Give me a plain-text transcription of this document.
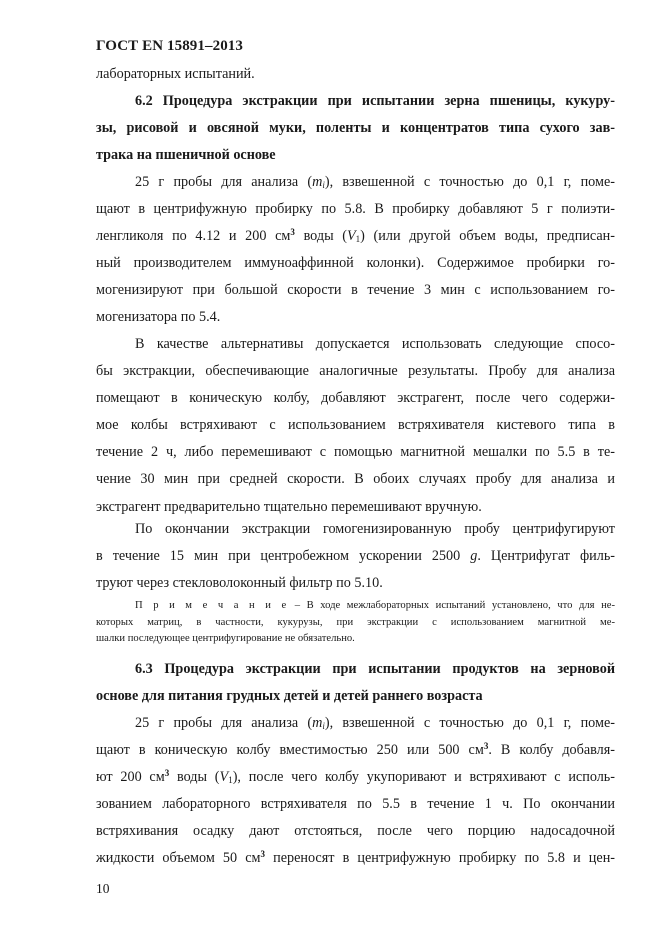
ГОСТ EN 15891–2013

лабораторных испытаний.

6.2 Процедура экстракции при испытании зерна пшеницы, кукуру-
зы, рисовой и овсяной муки, поленты и концентратов типа сухого зав-
трака на пшеничной основе

25 г пробы для анализа $(m_i)$, взвешенной с точностью до 0,1 г, поме-

щают в центрифужную пробирку по 5.8. В пробирку добавляют 5 г полиэти-

ленгликоля по 4.12 и 200 $см^3$ воды $(V_1)$ (или другой объем воды, предписан-

ный производителем иммуноаффинной колонки). Содержимое пробирки го-

могенизируют при большой скорости в течение 3 мин с использованием го-

могенизатора по 5.4.

В качестве альтернативы допускается использовать следующие спосо-

бы экстракции, обеспечивающие аналогичные результаты. Пробу для анализа

помещают в коническую колбу, добавляют экстрагент, после чего содержи-

мое колбы встряхивают с использованием встряхивателя кистевого типа в

течение 2 ч, либо перемешивают с помощью магнитной мешалки по 5.5 в те-

чение 30 мин при средней скорости. В обоих случаях пробу для анализа и

экстрагент предварительно тщательно перемешивают вручную.

По окончании экстракции гомогенизированную пробу центрифугируют

в течение 15 мин при центробежном ускорении 2500 g. Центрифугат филь-

труют через стекловолоконный фильтр по 5.10.

П р и м е ч а н и е – В ходе межлабораторных испытаний установлено, что для не-
которых матриц, в частности, кукурузы, при экстракции с использованием магнитной ме-
шалки последующее центрифугирование не обязательно.
6.3 Процедура экстракции при испытании продуктов на зерновой
основе для питания грудных детей и детей раннего возраста

25 г пробы для анализа $(m_i)$, взвешенной с точностью до 0,1 г, поме-

щают в коническую колбу вместимостью 250 или 500 $см^3$. В колбу добавля-

ют 200 $см^3$ воды $(V_1)$, после чего колбу укупоривают и встряхивают с исполь-

зованием лабораторного встряхивателя по 5.5 в течение 1 ч. По окончании

встряхивания осадку дают отстояться, после чего порцию надосадочной

жидкости объемом 50 $см^3$ переносят в центрифужную пробирку по 5.8 и цен-

10
